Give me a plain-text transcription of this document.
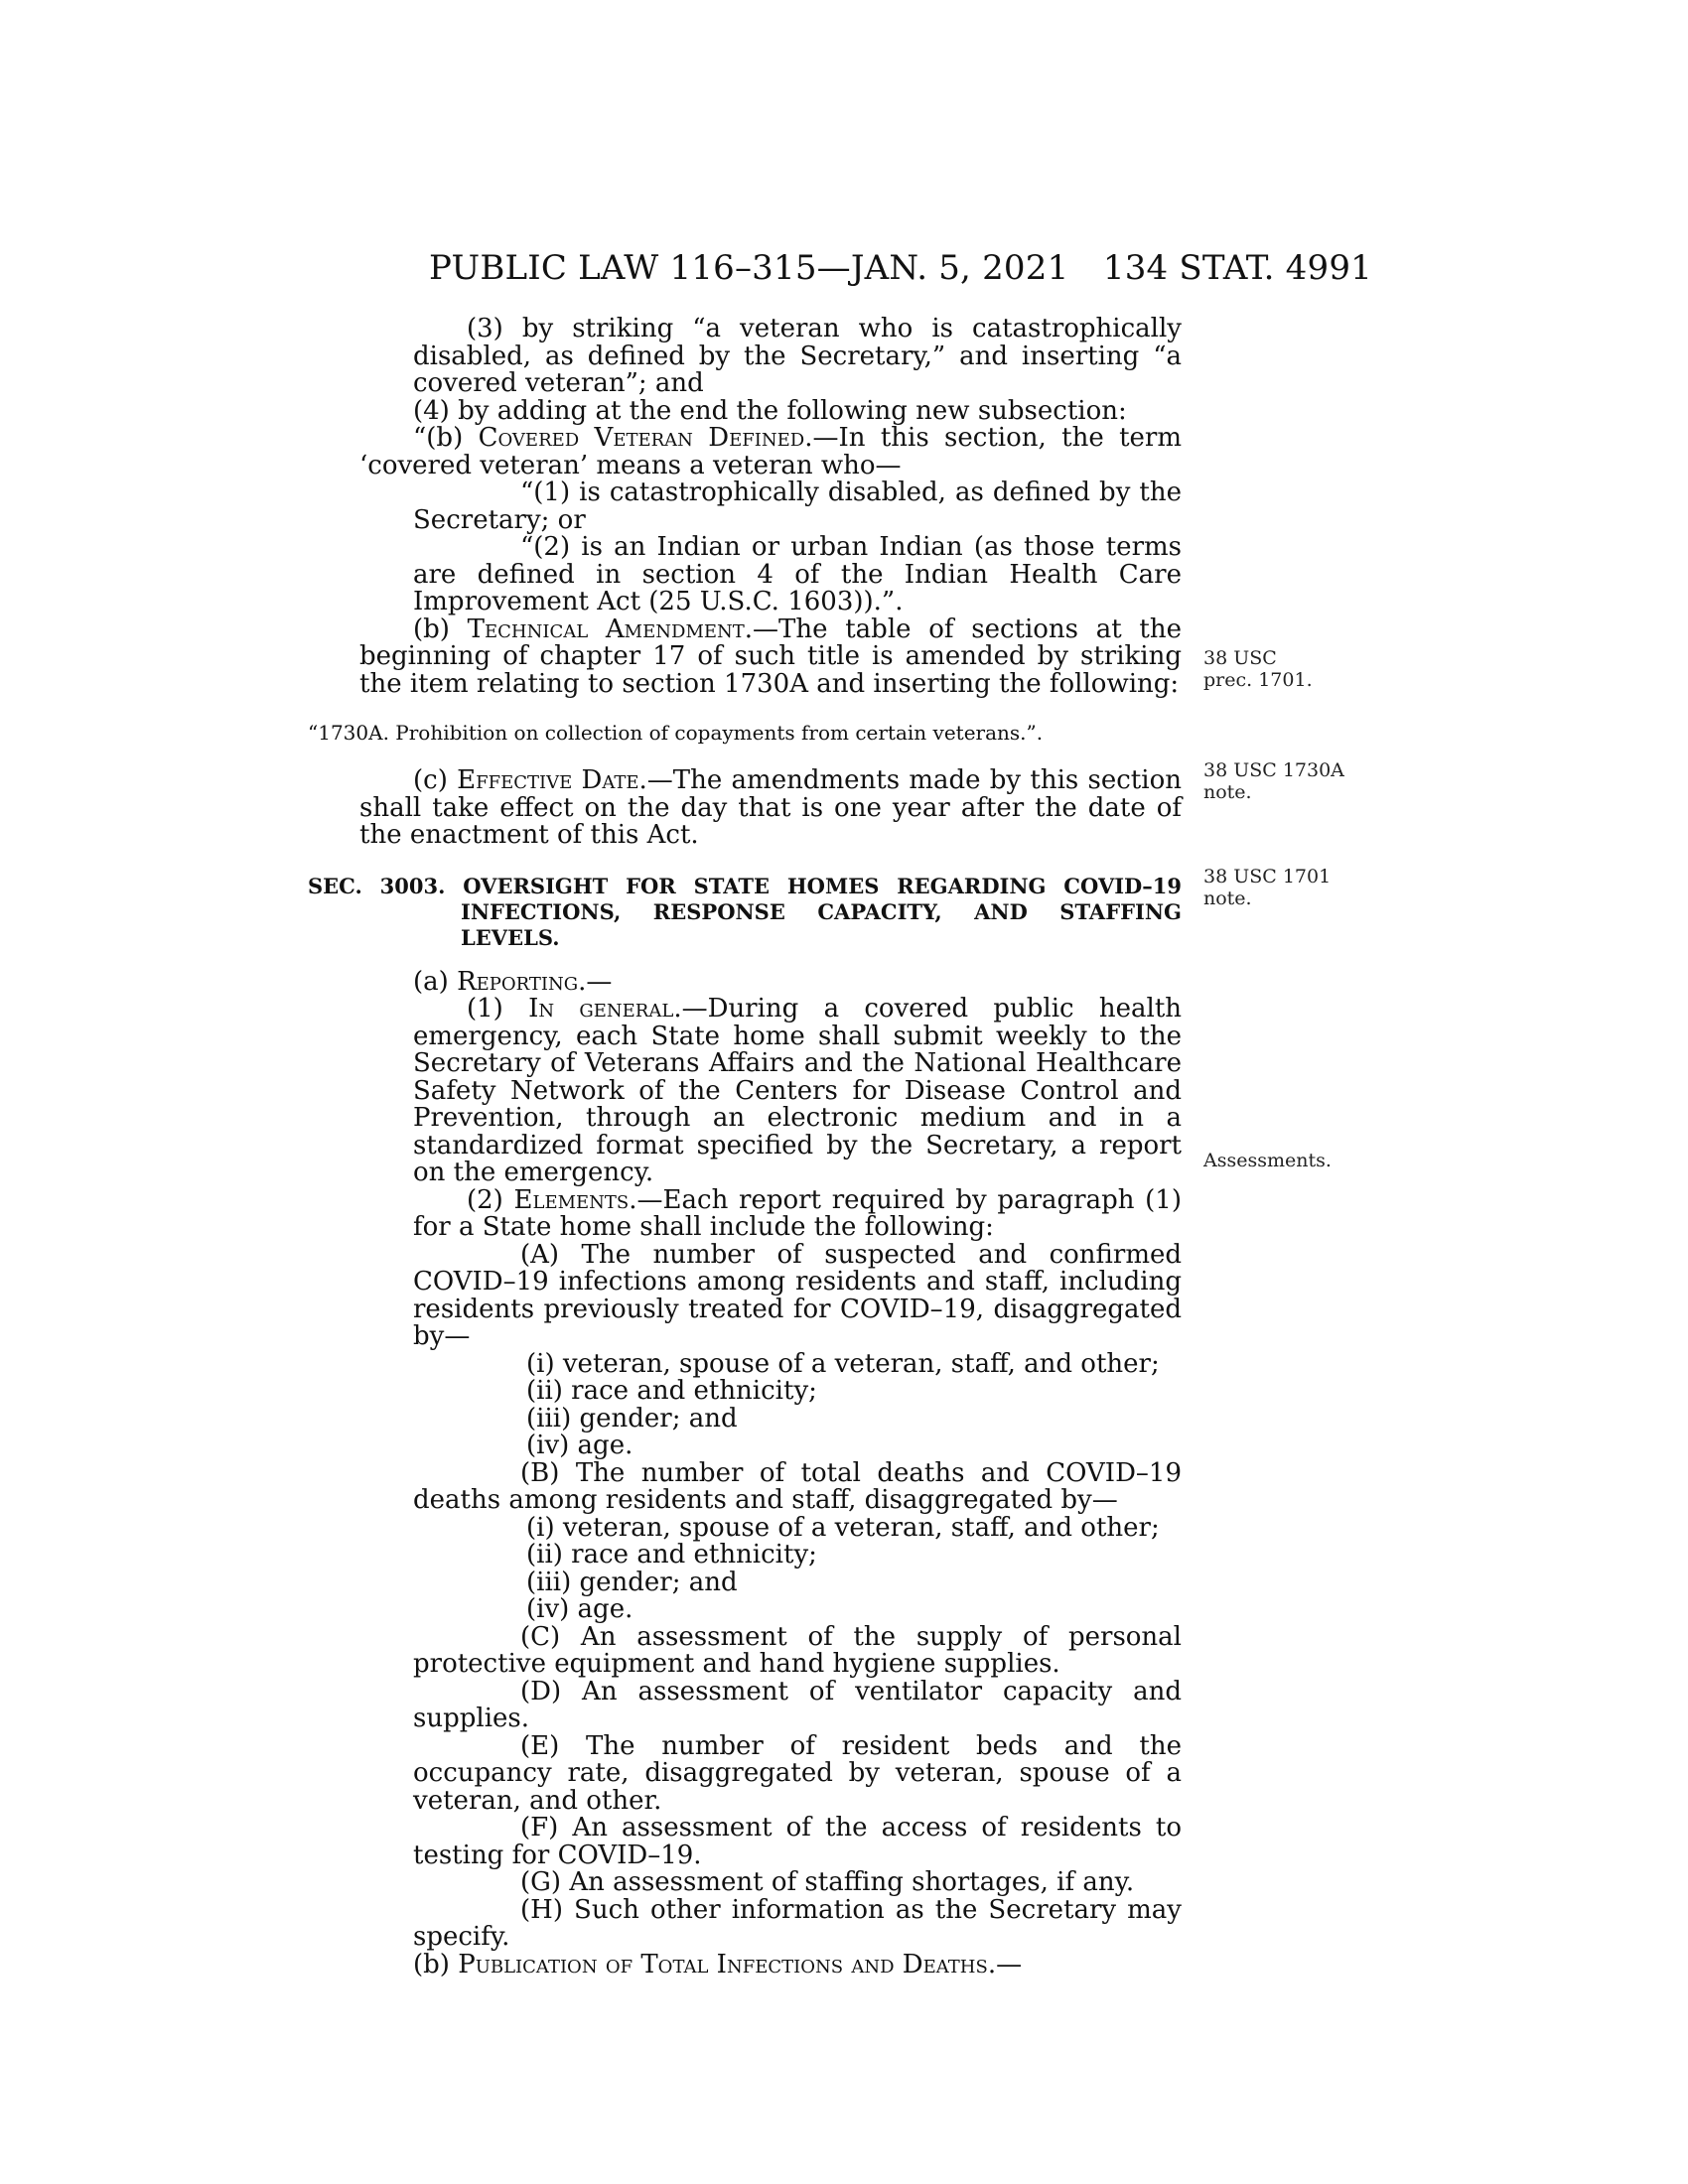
PUBLIC LAW 116–315—JAN. 5, 2021 134 STAT. 4991

(3) by striking “a veteran who is catastrophically disabled, as defined by the Secretary,” and inserting “a covered veteran”; and

(4) by adding at the end the following new subsection:

“(b) Covered Veteran Defined.—In this section, the term ‘covered veteran’ means a veteran who—

“(1) is catastrophically disabled, as defined by the Secretary; or

“(2) is an Indian or urban Indian (as those terms are defined in section 4 of the Indian Health Care Improvement Act (25 U.S.C. 1603)).”.

(b) Technical Amendment.—The table of sections at the beginning of chapter 17 of such title is amended by striking the item relating to section 1730A and inserting the following:

“1730A. Prohibition on collection of copayments from certain veterans.”.

(c) Effective Date.—The amendments made by this section shall take effect on the day that is one year after the date of the enactment of this Act.

SEC. 3003. OVERSIGHT FOR STATE HOMES REGARDING COVID–19 INFECTIONS, RESPONSE CAPACITY, AND STAFFING LEVELS.

(a) Reporting.—

(1) In general.—During a covered public health emergency, each State home shall submit weekly to the Secretary of Veterans Affairs and the National Healthcare Safety Network of the Centers for Disease Control and Prevention, through an electronic medium and in a standardized format specified by the Secretary, a report on the emergency.

(2) Elements.—Each report required by paragraph (1) for a State home shall include the following:

(A) The number of suspected and confirmed COVID–19 infections among residents and staff, including residents previously treated for COVID–19, disaggregated by—

(i) veteran, spouse of a veteran, staff, and other;

(ii) race and ethnicity;

(iii) gender; and

(iv) age.

(B) The number of total deaths and COVID–19 deaths among residents and staff, disaggregated by—

(i) veteran, spouse of a veteran, staff, and other;

(ii) race and ethnicity;

(iii) gender; and

(iv) age.

(C) An assessment of the supply of personal protective equipment and hand hygiene supplies.

(D) An assessment of ventilator capacity and supplies.

(E) The number of resident beds and the occupancy rate, disaggregated by veteran, spouse of a veteran, and other.

(F) An assessment of the access of residents to testing for COVID–19.

(G) An assessment of staffing shortages, if any.

(H) Such other information as the Secretary may specify.

(b) Publication of Total Infections and Deaths.—

38 USC
prec. 1701.
38 USC 1730A
note.
38 USC 1701
note.
Assessments.
